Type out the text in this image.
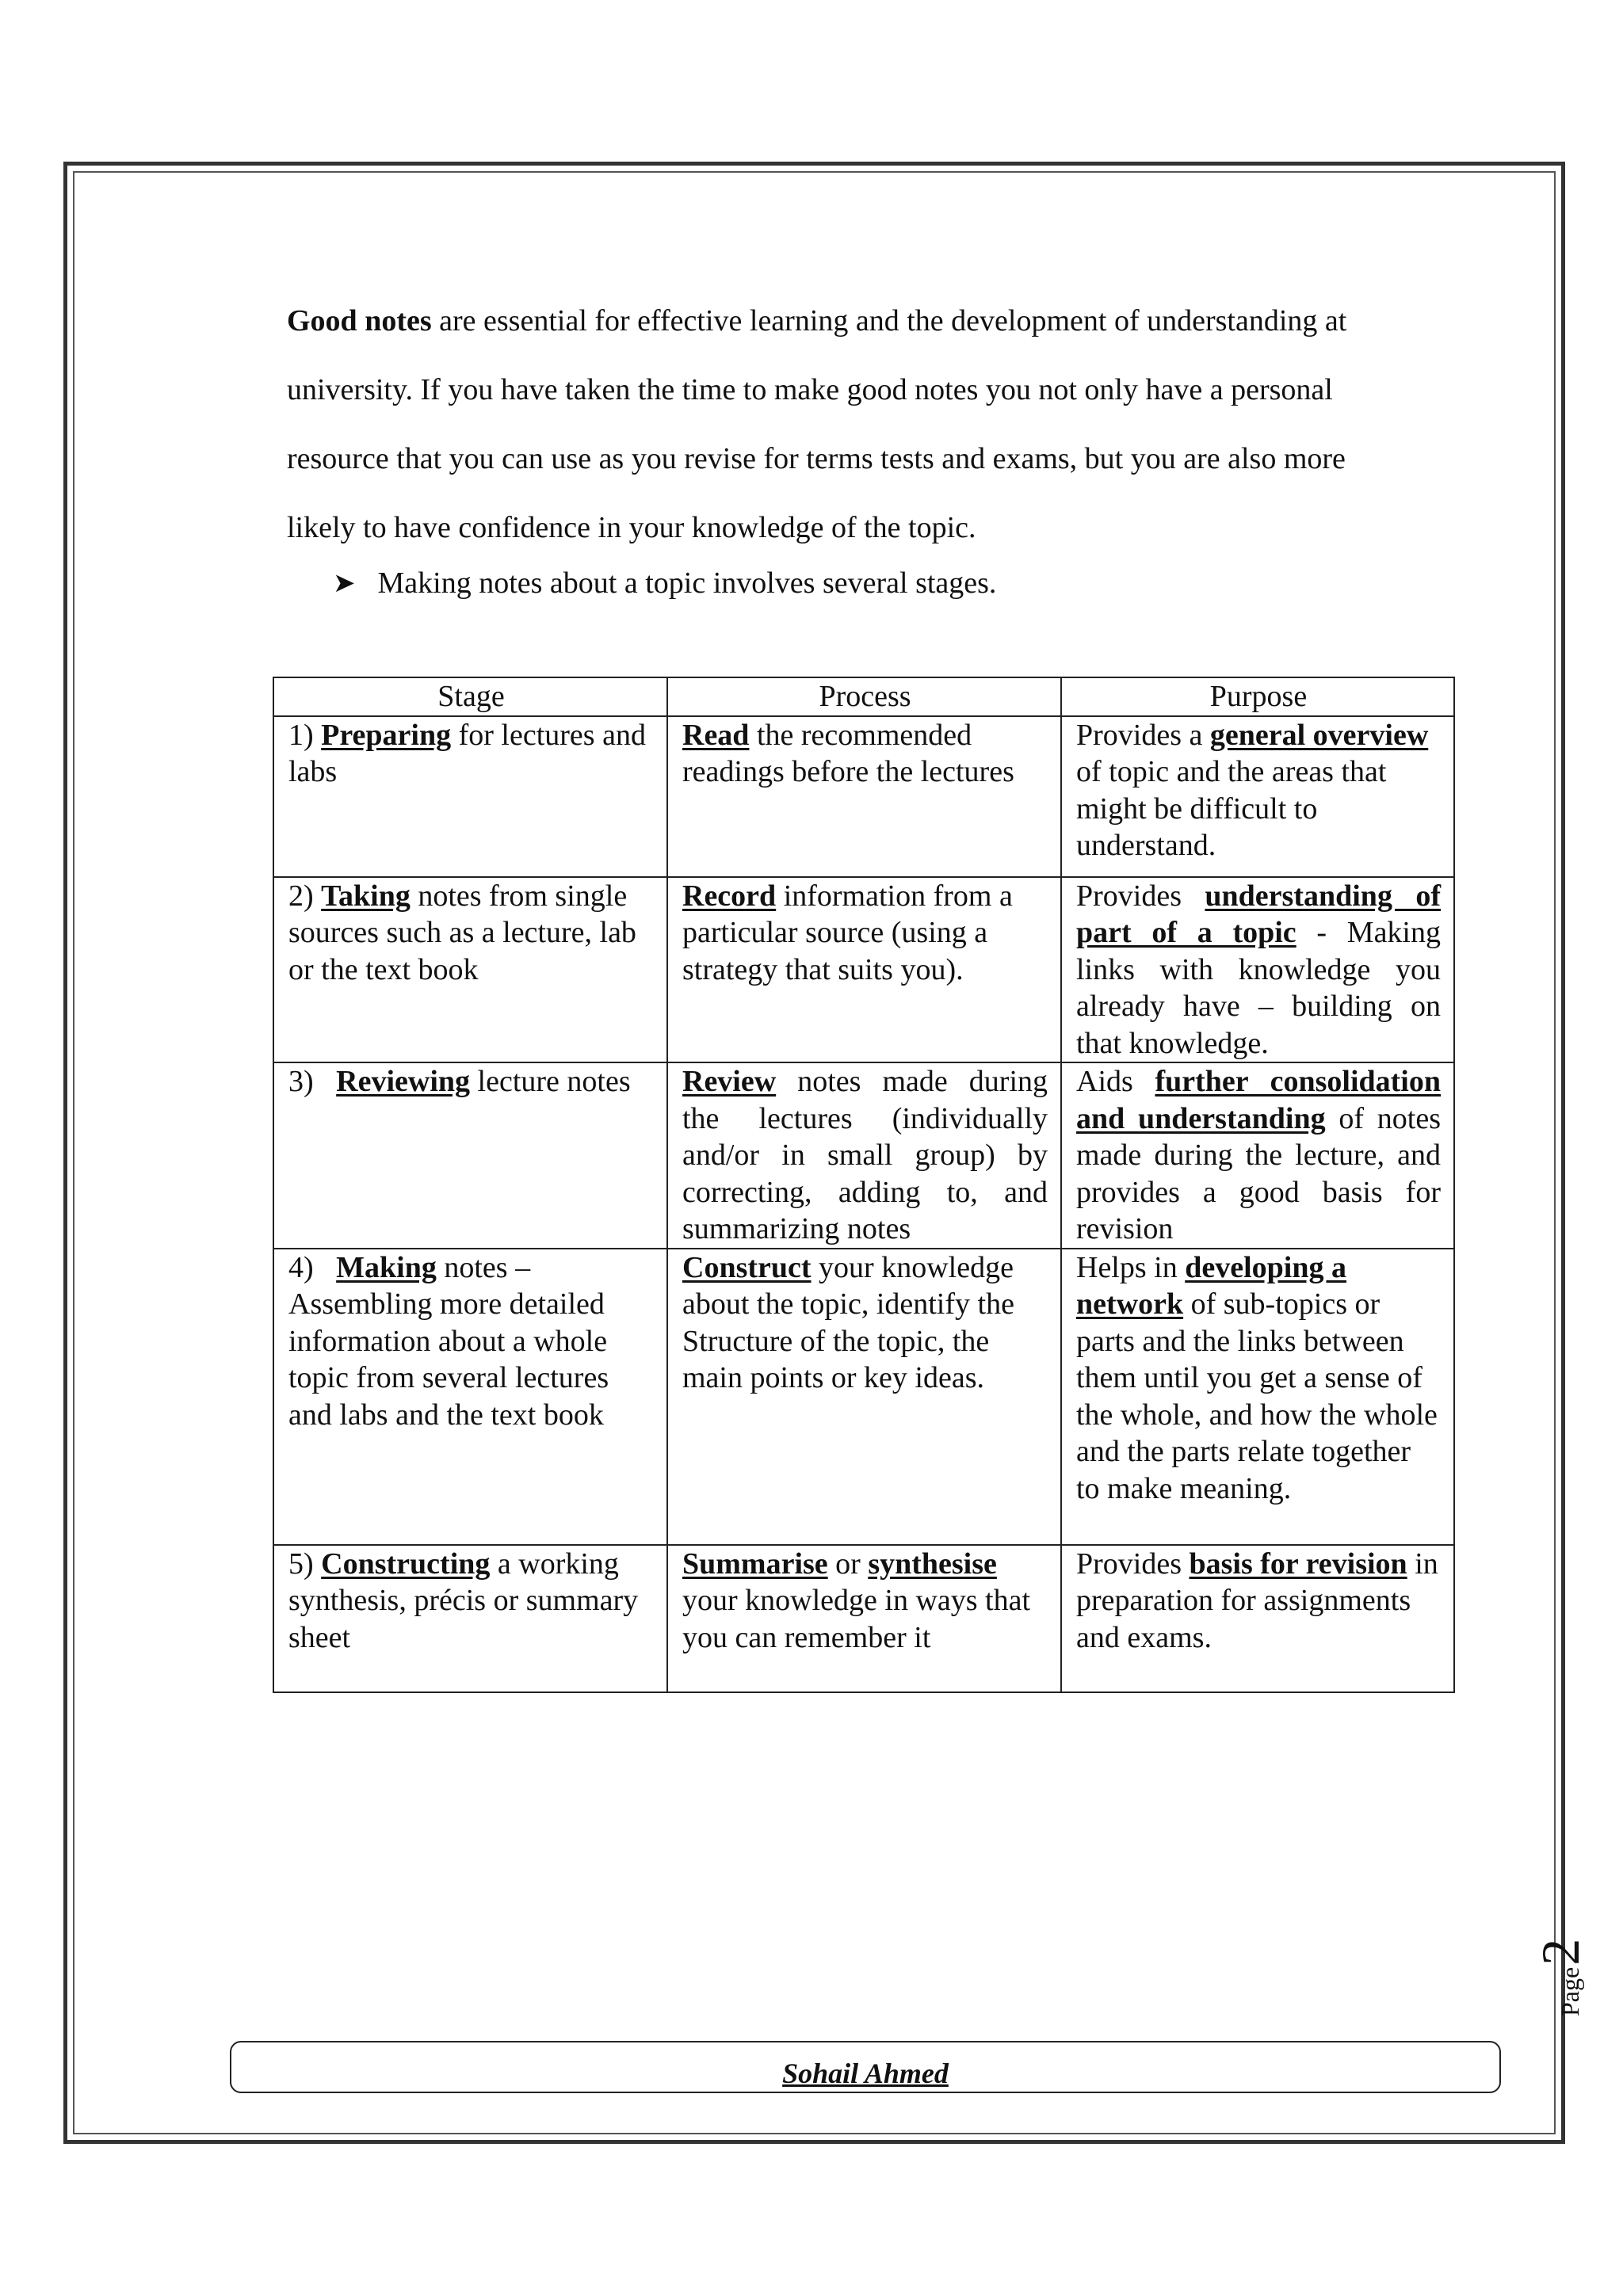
Good notes are essential for effective learning and the development of understanding at university. If you have taken the time to make good notes you not only have a personal resource that you can use as you revise for terms tests and exams, but you are also more likely to have confidence in your knowledge of the topic.

➤ Making notes about a topic involves several stages.
Stage	Process	Purpose
1) Preparing for lectures and labs	Read the recommended readings before the lectures	Provides a general overview of topic and the areas that might be difficult to understand.
2) Taking notes from single sources such as a lecture, lab or the text book	Record information from a particular source (using a strategy that suits you).	Provides understanding of part of a topic - Making links with knowledge you already have – building on that knowledge.
3)   Reviewing lecture notes	Review notes made during the lectures (individually and/or in small group) by correcting, adding to, and summarizing notes	Aids further consolidation and understanding of notes made during the lecture, and provides a good basis for revision
4)   Making notes – Assembling more detailed information about a whole topic from several lectures and labs and the text book	Construct your knowledge about the topic, identify the Structure of the topic, the main points or key ideas.	Helps in developing a network of sub-topics or parts and the links between them until you get a sense of the whole, and how the whole and the parts relate together to make meaning.
5) Constructing a working synthesis, précis or summary sheet	Summarise or synthesise your knowledge in ways that you can remember it	Provides basis for revision in preparation for assignments and exams.
Page2
Sohail Ahmed
